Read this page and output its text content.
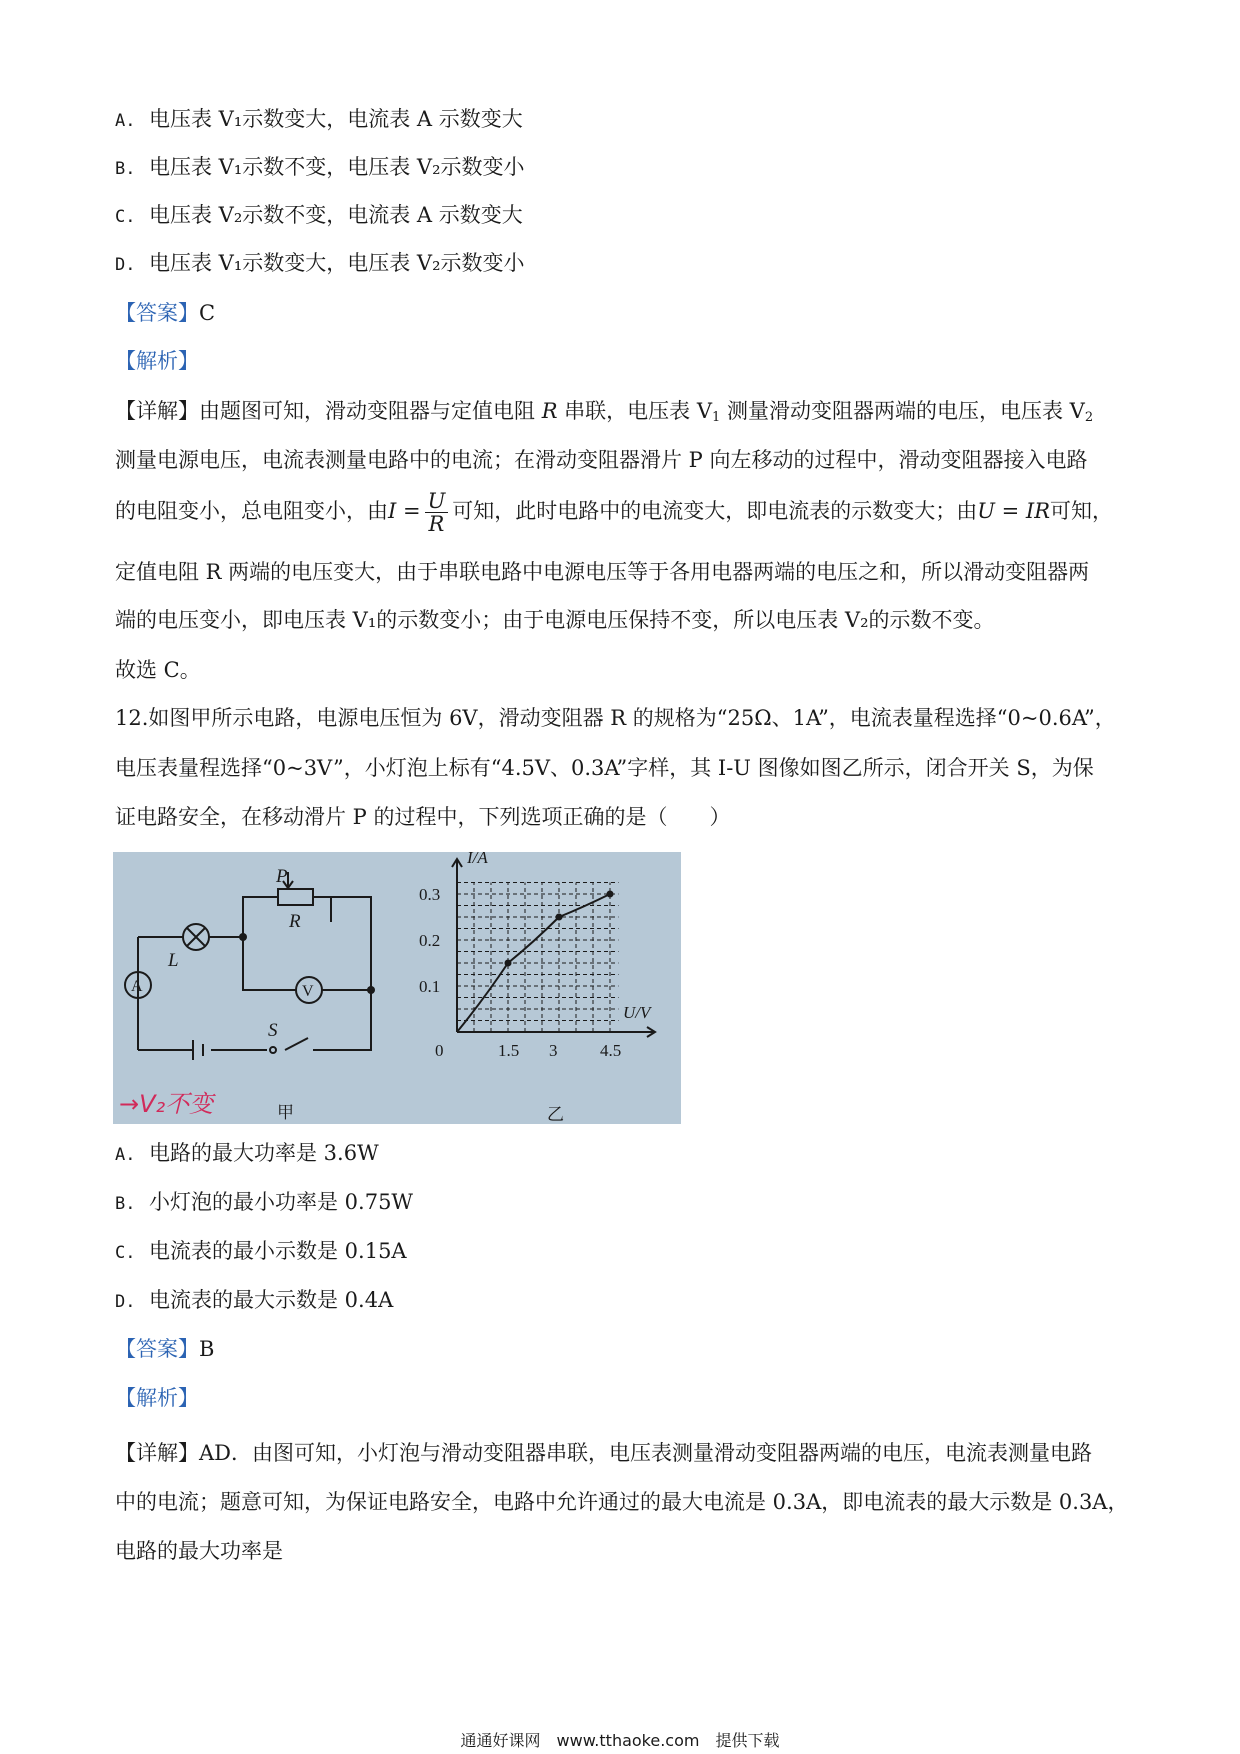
A. 电压表 V₁示数变大，电流表 A 示数变大
B. 电压表 V₁示数不变，电压表 V₂示数变小
C. 电压表 V₂示数不变，电流表 A 示数变大
D. 电压表 V₁示数变大，电压表 V₂示数变小
【答案】C
【解析】
【详解】由题图可知，滑动变阻器与定值电阻 R 串联，电压表 $V_1$ 测量滑动变阻器两端的电压，电压表 $V_2$
测量电源电压，电流表测量电路中的电流；在滑动变阻器滑片 P 向左移动的过程中，滑动变阻器接入电路
的电阻变小，总电阻变小，由$I = \frac{U}{R}$ 可知，此时电路中的电流变大，即电流表的示数变大；由U = IR可知，
定值电阻 R 两端的电压变大，由于串联电路中电源电压等于各用电器两端的电压之和，所以滑动变阻器两
端的电压变小，即电压表 V₁的示数变小；由于电源电压保持不变，所以电压表 V₂的示数不变。
故选 C。
12.如图甲所示电路，电源电压恒为 6V，滑动变阻器 R 的规格为“25Ω、1A”，电流表量程选择“0~0.6A”，
电压表量程选择“0~3V”，小灯泡上标有“4.5V、0.3A”字样，其 I-U 图像如图乙所示，闭合开关 S，为保
证电路安全，在移动滑片 P 的过程中，下列选项正确的是（　　）
L
P
R
S
V
A
甲
→V₂不变
I/A
U/V
0	1.5 3	4.5
0.1
0.2
0.3
乙
A. 电路的最大功率是 3.6W
B. 小灯泡的最小功率是 0.75W
C. 电流表的最小示数是 0.15A
D. 电流表的最大示数是 0.4A
【答案】B
【解析】
【详解】AD．由图可知，小灯泡与滑动变阻器串联，电压表测量滑动变阻器两端的电压，电流表测量电路
中的电流；题意可知，为保证电路安全，电路中允许通过的最大电流是 0.3A，即电流表的最大示数是 0.3A，
电路的最大功率是
通通好课网　www.tthaoke.com　提供下载
